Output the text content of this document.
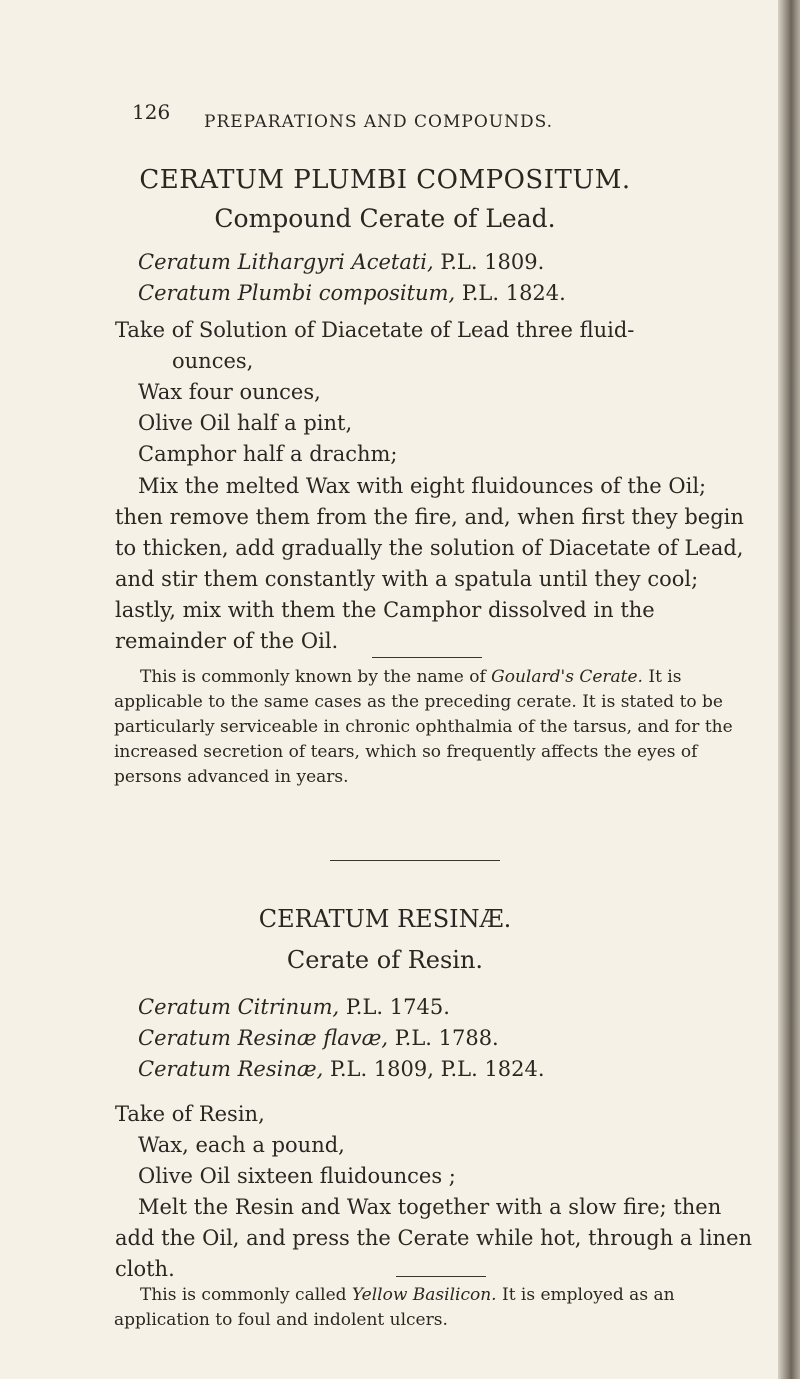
126 PREPARATIONS AND COMPOUNDS.
CERATUM PLUMBI COMPOSITUM.
Compound Cerate of Lead.
Ceratum Lithargyri Acetati, P.L. 1809.
Ceratum Plumbi compositum, P.L. 1824.
Take of Solution of Diacetate of Lead three fluid-
ounces,
Wax four ounces,
Olive Oil half a pint,
Camphor half a drachm;

Mix the melted Wax with eight fluidounces of the Oil; then remove them from the fire, and, when first they begin to thicken, add gradually the solution of Diacetate of Lead, and stir them constantly with a spatula until they cool; lastly, mix with them the Camphor dissolved in the remainder of the Oil.

This is commonly known by the name of Goulard's Cerate. It is applicable to the same cases as the preceding cerate. It is stated to be particularly serviceable in chronic ophthalmia of the tarsus, and for the increased secretion of tears, which so frequently affects the eyes of persons advanced in years.

CERATUM RESINÆ.
Cerate of Resin.
Ceratum Citrinum, P.L. 1745.
Ceratum Resinæ flavæ, P.L. 1788.
Ceratum Resinæ, P.L. 1809, P.L. 1824.
Take of Resin,
Wax, each a pound,
Olive Oil sixteen fluidounces ;

Melt the Resin and Wax together with a slow fire; then add the Oil, and press the Cerate while hot, through a linen cloth.

This is commonly called Yellow Basilicon. It is employed as an application to foul and indolent ulcers.
